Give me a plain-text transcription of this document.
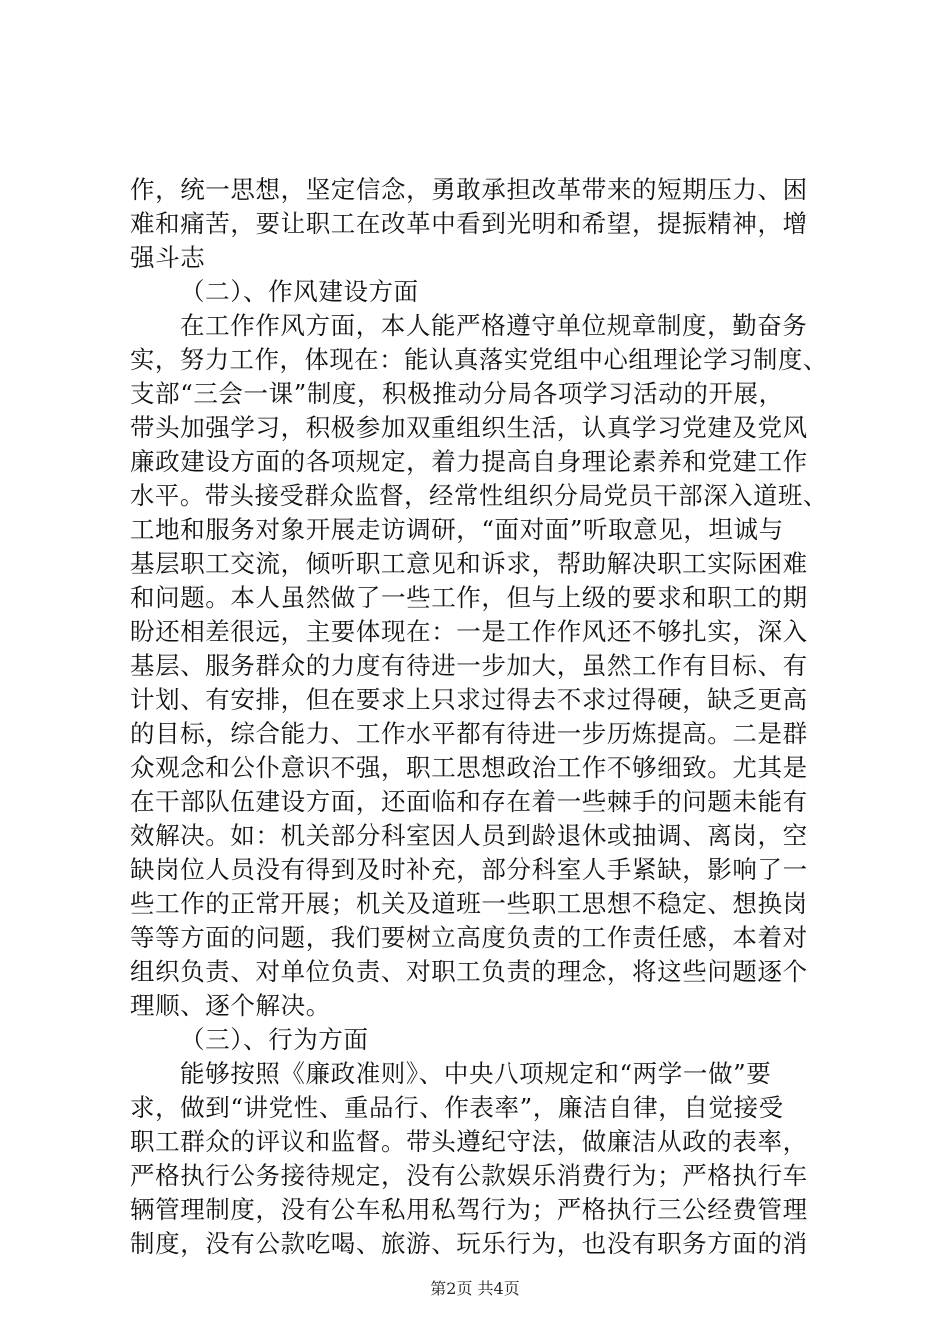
作，统一思想，坚定信念，勇敢承担改革带来的短期压力、困
难和痛苦，要让职工在改革中看到光明和希望，提振精神，增
强斗志
（二）、作风建设方面
在工作作风方面，本人能严格遵守单位规章制度，勤奋务
实，努力工作，体现在：能认真落实党组中心组理论学习制度、
支部“三会一课”制度，积极推动分局各项学习活动的开展，
带头加强学习，积极参加双重组织生活，认真学习党建及党风
廉政建设方面的各项规定，着力提高自身理论素养和党建工作
水平。带头接受群众监督，经常性组织分局党员干部深入道班、
工地和服务对象开展走访调研，“面对面”听取意见，坦诚与
基层职工交流，倾听职工意见和诉求，帮助解决职工实际困难
和问题。本人虽然做了一些工作，但与上级的要求和职工的期
盼还相差很远，主要体现在：一是工作作风还不够扎实，深入
基层、服务群众的力度有待进一步加大，虽然工作有目标、有
计划、有安排，但在要求上只求过得去不求过得硬，缺乏更高
的目标，综合能力、工作水平都有待进一步历炼提高。二是群
众观念和公仆意识不强，职工思想政治工作不够细致。尤其是
在干部队伍建设方面，还面临和存在着一些棘手的问题未能有
效解决。如：机关部分科室因人员到龄退休或抽调、离岗，空
缺岗位人员没有得到及时补充，部分科室人手紧缺，影响了一
些工作的正常开展；机关及道班一些职工思想不稳定、想换岗
等等方面的问题，我们要树立高度负责的工作责任感，本着对
组织负责、对单位负责、对职工负责的理念，将这些问题逐个
理顺、逐个解决。
（三）、行为方面
能够按照《廉政准则》、中央八项规定和“两学一做”要
求，做到“讲党性、重品行、作表率”，廉洁自律，自觉接受
职工群众的评议和监督。带头遵纪守法，做廉洁从政的表率，
严格执行公务接待规定，没有公款娱乐消费行为；严格执行车
辆管理制度，没有公车私用私驾行为；严格执行三公经费管理
制度，没有公款吃喝、旅游、玩乐行为，也没有职务方面的消
第2页 共4页
